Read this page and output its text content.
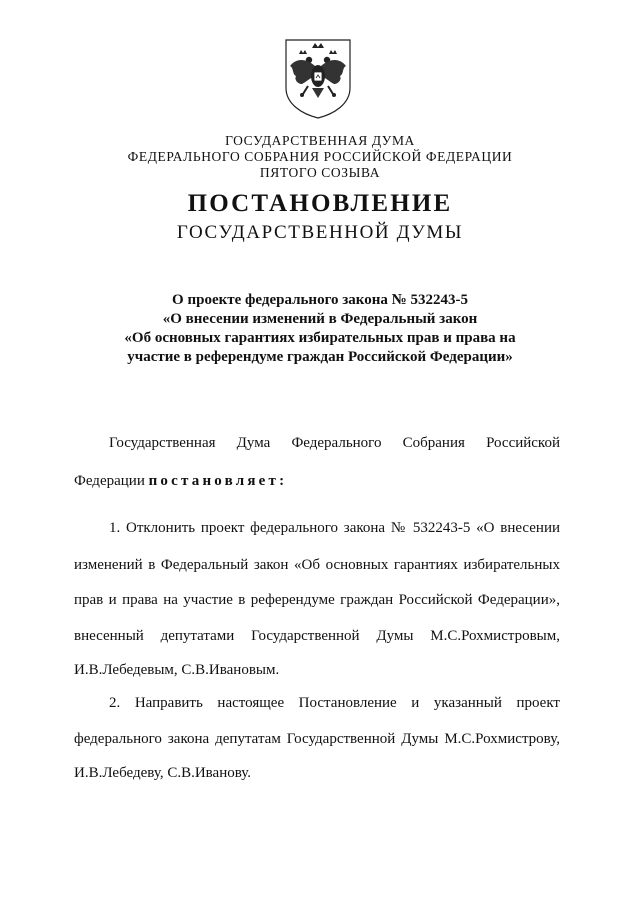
ГОСУДАРСТВЕННАЯ ДУМА
ФЕДЕРАЛЬНОГО СОБРАНИЯ РОССИЙСКОЙ ФЕДЕРАЦИИ
ПЯТОГО СОЗЫВА
ПОСТАНОВЛЕНИЕ
ГОСУДАРСТВЕННОЙ ДУМЫ
О проекте федерального закона № 532243-5
«О внесении изменений в Федеральный закон
«Об основных гарантиях избирательных прав и права на
участие в референдуме граждан Российской Федерации»
Государственная Дума Федерального Собрания Российской
Федерации постановляет:
1. Отклонить проект федерального закона № 532243-5 «О внесении
изменений в Федеральный закон «Об основных гарантиях избирательных
прав и права на участие в референдуме граждан Российской Федерации»,
внесенный депутатами Государственной Думы М.С.Рохмистровым,
И.В.Лебедевым, С.В.Ивановым.
2. Направить настоящее Постановление и указанный проект
федерального закона депутатам Государственной Думы М.С.Рохмистрову,
И.В.Лебедеву, С.В.Иванову.
